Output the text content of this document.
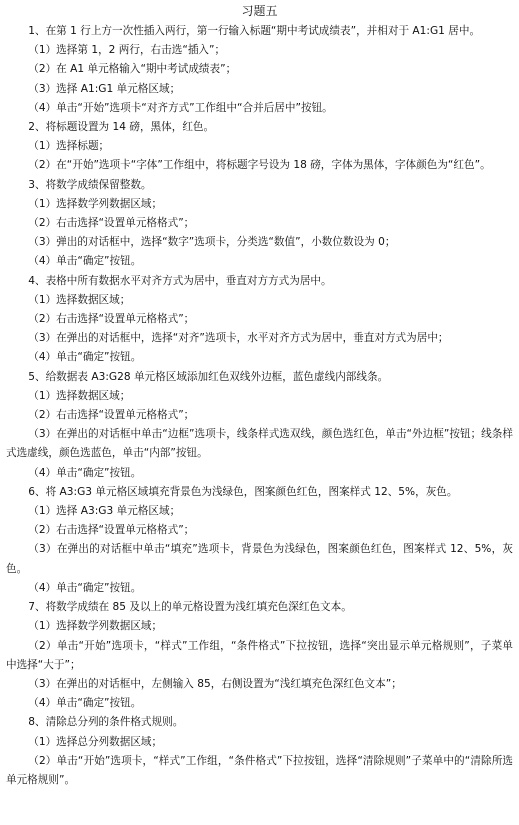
习题五

1、在第 1 行上方一次性插入两行，第一行输入标题“期中考试成绩表”，并相对于 A1:G1 居中。

（1）选择第 1，2 两行，右击选“插入”；

（2）在 A1 单元格输入“期中考试成绩表”；

（3）选择 A1:G1 单元格区域；

（4）单击“开始”选项卡“对齐方式”工作组中“合并后居中”按钮。

2、将标题设置为 14 磅，黑体，红色。

（1）选择标题；

（2）在“开始”选项卡“字体”工作组中，将标题字号设为 18 磅，字体为黑体，字体颜色为“红色”。

3、将数学成绩保留整数。

（1）选择数学列数据区域；

（2）右击选择“设置单元格格式”；

（3）弹出的对话框中，选择“数字”选项卡，分类选“数值”，小数位数设为 0；

（4）单击“确定”按钮。

4、表格中所有数据水平对齐方式为居中，垂直对方方式为居中。

（1）选择数据区域；

（2）右击选择“设置单元格格式”；

（3）在弹出的对话框中，选择“对齐”选项卡，水平对齐方式为居中，垂直对方式为居中；

（4）单击“确定”按钮。

5、给数据表 A3:G28 单元格区域添加红色双线外边框，蓝色虚线内部线条。

（1）选择数据区域；

（2）右击选择“设置单元格格式”；

（3）在弹出的对话框中单击“边框”选项卡，线条样式选双线，颜色选红色，单击“外边框”按钮；线条样式选虚线，颜色选蓝色，单击“内部”按钮。

（4）单击“确定”按钮。

6、将 A3:G3 单元格区域填充背景色为浅绿色，图案颜色红色，图案样式 12、5%，灰色。

（1）选择 A3:G3 单元格区域；

（2）右击选择“设置单元格格式”；

（3）在弹出的对话框中单击“填充”选项卡，背景色为浅绿色，图案颜色红色，图案样式 12、5%，灰色。

（4）单击“确定”按钮。

7、将数学成绩在 85 及以上的单元格设置为浅红填充色深红色文本。

（1）选择数学列数据区域；

（2）单击“开始”选项卡，“样式”工作组，“条件格式”下拉按钮，选择“突出显示单元格规则”，子菜单中选择“大于”；

（3）在弹出的对话框中，左侧输入 85，右侧设置为“浅红填充色深红色文本”；

（4）单击“确定”按钮。

8、清除总分列的条件格式规则。

（1）选择总分列数据区域；

（2）单击“开始”选项卡，“样式”工作组，“条件格式”下拉按钮，选择“清除规则”子菜单中的“清除所选单元格规则”。
